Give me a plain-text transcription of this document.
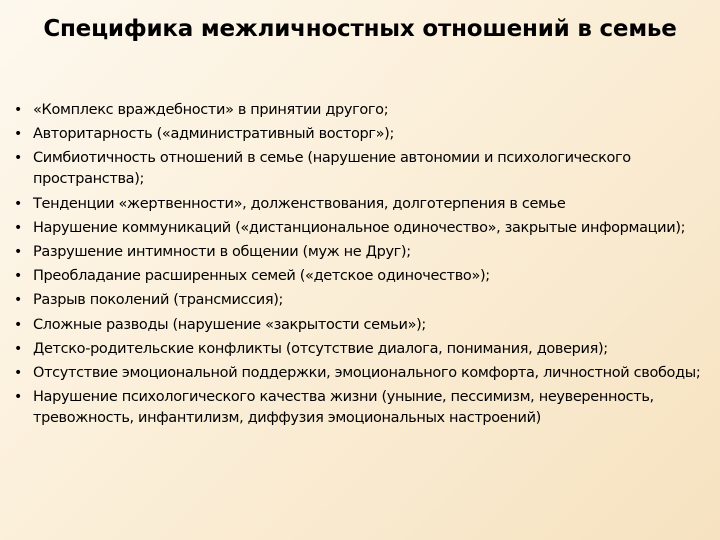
Специфика межличностных отношений в семье
• «Комплекс враждебности» в принятии другого;
• Авторитарность («административный восторг»);
• Симбиотичность отношений в семье (нарушение автономии и психологического пространства);
• Тенденции «жертвенности», долженствования, долготерпения в семье
• Нарушение коммуникаций («дистанциональное одиночество», закрытые информации);
• Разрушение интимности в общении (муж не Друг);
• Преобладание расширенных семей («детское одиночество»);
• Разрыв поколений (трансмиссия);
• Сложные разводы (нарушение «закрытости семьи»);
• Детско-родительские конфликты (отсутствие диалога, понимания, доверия);
• Отсутствие эмоциональной поддержки, эмоционального комфорта, личностной свободы;
• Нарушение психологического качества жизни (уныние, пессимизм, неуверенность, тревожность, инфантилизм, диффузия эмоциональных настроений)
